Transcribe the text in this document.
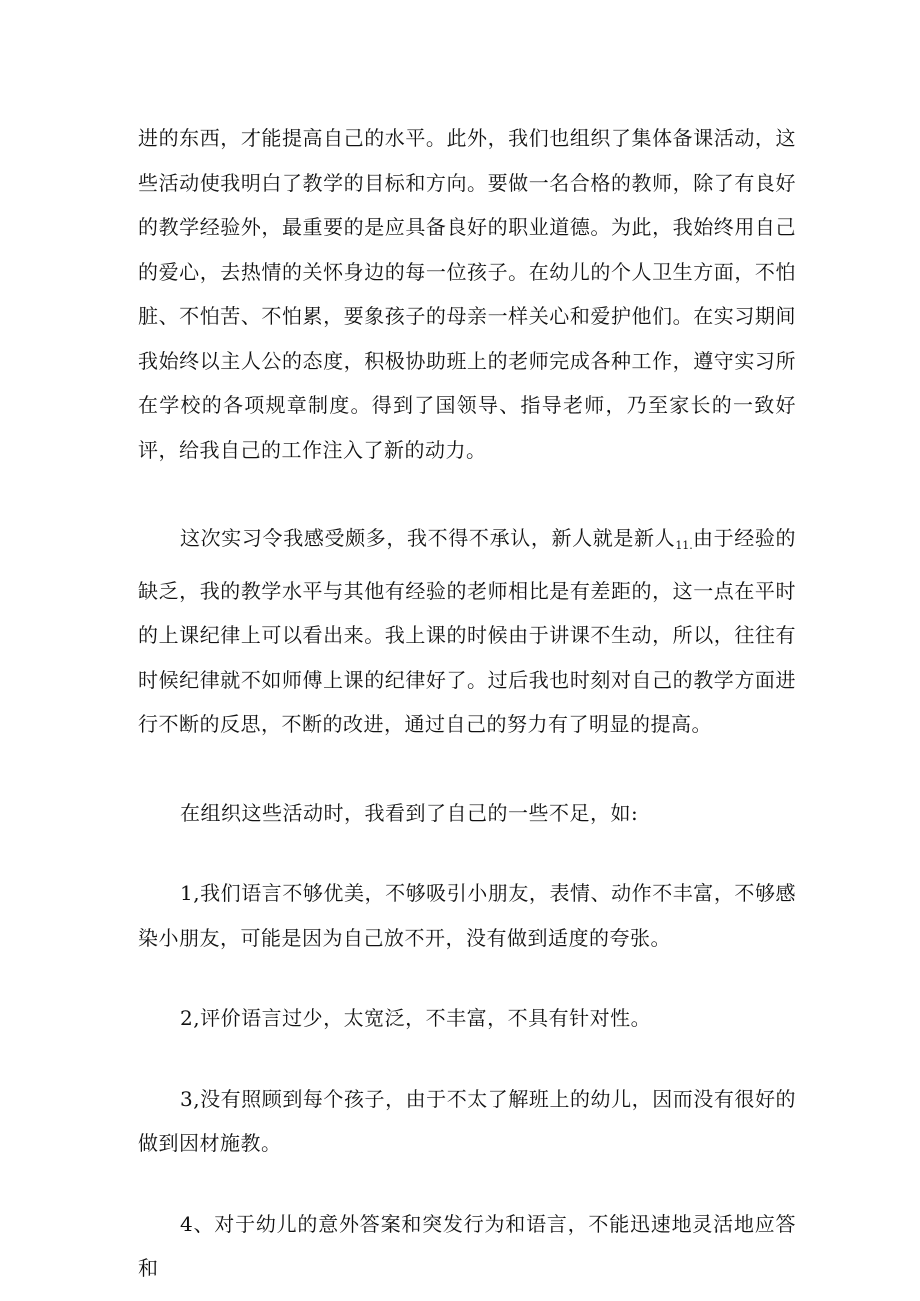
进的东西，才能提高自己的水平。此外，我们也组织了集体备课活动，这些活动使我明白了教学的目标和方向。要做一名合格的教师，除了有良好的教学经验外，最重要的是应具备良好的职业道德。为此，我始终用自己的爱心，去热情的关怀身边的每一位孩子。在幼儿的个人卫生方面，不怕脏、不怕苦、不怕累，要象孩子的母亲一样关心和爱护他们。在实习期间我始终以主人公的态度，积极协助班上的老师完成各种工作，遵守实习所在学校的各项规章制度。得到了国领导、指导老师，乃至家长的一致好评，给我自己的工作注入了新的动力。

这次实习令我感受颇多，我不得不承认，新人就是新人$_{11.}$由于经验的缺乏，我的教学水平与其他有经验的老师相比是有差距的，这一点在平时的上课纪律上可以看出来。我上课的时候由于讲课不生动，所以，往往有时候纪律就不如师傅上课的纪律好了。过后我也时刻对自己的教学方面进行不断的反思，不断的改进，通过自己的努力有了明显的提高。

在组织这些活动时，我看到了自己的一些不足，如:

1,我们语言不够优美，不够吸引小朋友，表情、动作不丰富，不够感染小朋友，可能是因为自己放不开，没有做到适度的夸张。

2,评价语言过少，太宽泛，不丰富，不具有针对性。

3,没有照顾到每个孩子，由于不太了解班上的幼儿，因而没有很好的做到因材施教。

4、对于幼儿的意外答案和突发行为和语言，不能迅速地灵活地应答和
